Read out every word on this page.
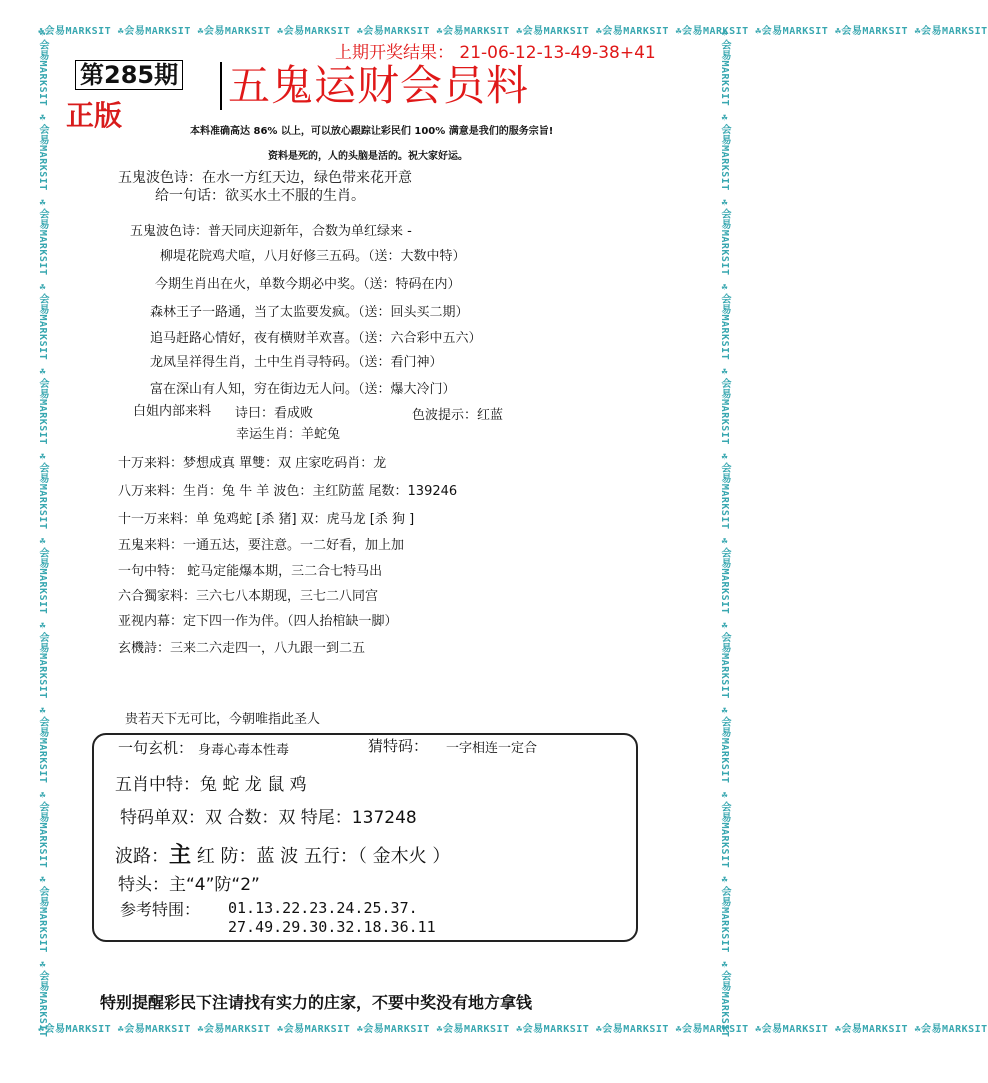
☘会易MARKSIT ☘会易MARKSIT ☘会易MARKSIT ☘会易MARKSIT ☘会易MARKSIT ☘会易MARKSIT ☘会易MARKSIT ☘会易MARKSIT ☘会易MARKSIT ☘会易MARKSIT ☘会易MARKSIT ☘会易MARKSIT
☘会易MARKSIT ☘会易MARKSIT ☘会易MARKSIT ☘会易MARKSIT ☘会易MARKSIT ☘会易MARKSIT ☘会易MARKSIT ☘会易MARKSIT ☘会易MARKSIT ☘会易MARKSIT ☘会易MARKSIT ☘会易MARKSIT
☘会易MARKSIT ☘会易MARKSIT ☘会易MARKSIT ☘会易MARKSIT ☘会易MARKSIT ☘会易MARKSIT ☘会易MARKSIT ☘会易MARKSIT ☘会易MARKSIT ☘会易MARKSIT ☘会易MARKSIT ☘会易MARKSIT	☘会易MARKSIT ☘会易MARKSIT ☘会易MARKSIT ☘会易MARKSIT ☘会易MARKSIT ☘会易MARKSIT ☘会易MARKSIT ☘会易MARKSIT ☘会易MARKSIT ☘会易MARKSIT ☘会易MARKSIT ☘会易MARKSIT
第285期
正版
上期开奖结果： 21-06-12-13-49-38+41
五鬼运财会员料
本料准确高达 86% 以上，可以放心跟踪让彩民们 100% 满意是我们的服务宗旨!
资料是死的，人的头脑是活的。祝大家好运。
五鬼波色诗：在水一方红天边，绿色带来花开意
给一句话：欲买水土不服的生肖。
五鬼波色诗：普天同庆迎新年，合数为单红绿来 -
柳堤花院鸡犬喧，八月好修三五码。（送：大数中特）
今期生肖出在火，单数今期必中奖。（送：特码在内）
森林王子一路通，当了太监要发疯。（送：回头买二期）
追马赶路心情好，夜有横财羊欢喜。（送：六合彩中五六）
龙凤呈祥得生肖，土中生肖寻特码。（送：看门神）
富在深山有人知，穷在街边无人问。（送：爆大冷门）
白姐内部来料 诗曰：看成败	色波提示：红蓝
幸运生肖：羊蛇兔
十万来料：梦想成真 單雙：双 庄家吃码肖：龙
八万来料：生肖：兔 牛 羊 波色：主红防蓝 尾数：139246
十一万来料：单 兔鸡蛇 [杀 猪] 双：虎马龙 [杀 狗 ]
五鬼来料：一通五达，要注意。一二好看，加上加
一句中特： 蛇马定能爆本期，三二合七特马出
六合獨家料：三六七八本期现，三七二八同宫
亚视内幕：定下四一作为伴。（四人抬棺缺一脚）
玄機詩：三来二六走四一，八九跟一到二五
贵若天下无可比，今朝唯指此圣人
一句玄机： 身毒心毒本性毒	猜特码： 一字相连一定合
五肖中特：兔 蛇 龙 鼠 鸡
特码单双：双 合数：双 特尾：137248
波路：主 红 防：蓝 波 五行：（ 金木火 ）
特头：主“4”防“2”
参考特围： 01.13.22.23.24.25.37.
27.49.29.30.32.18.36.11
特别提醒彩民下注请找有实力的庄家，不要中奖没有地方拿钱
